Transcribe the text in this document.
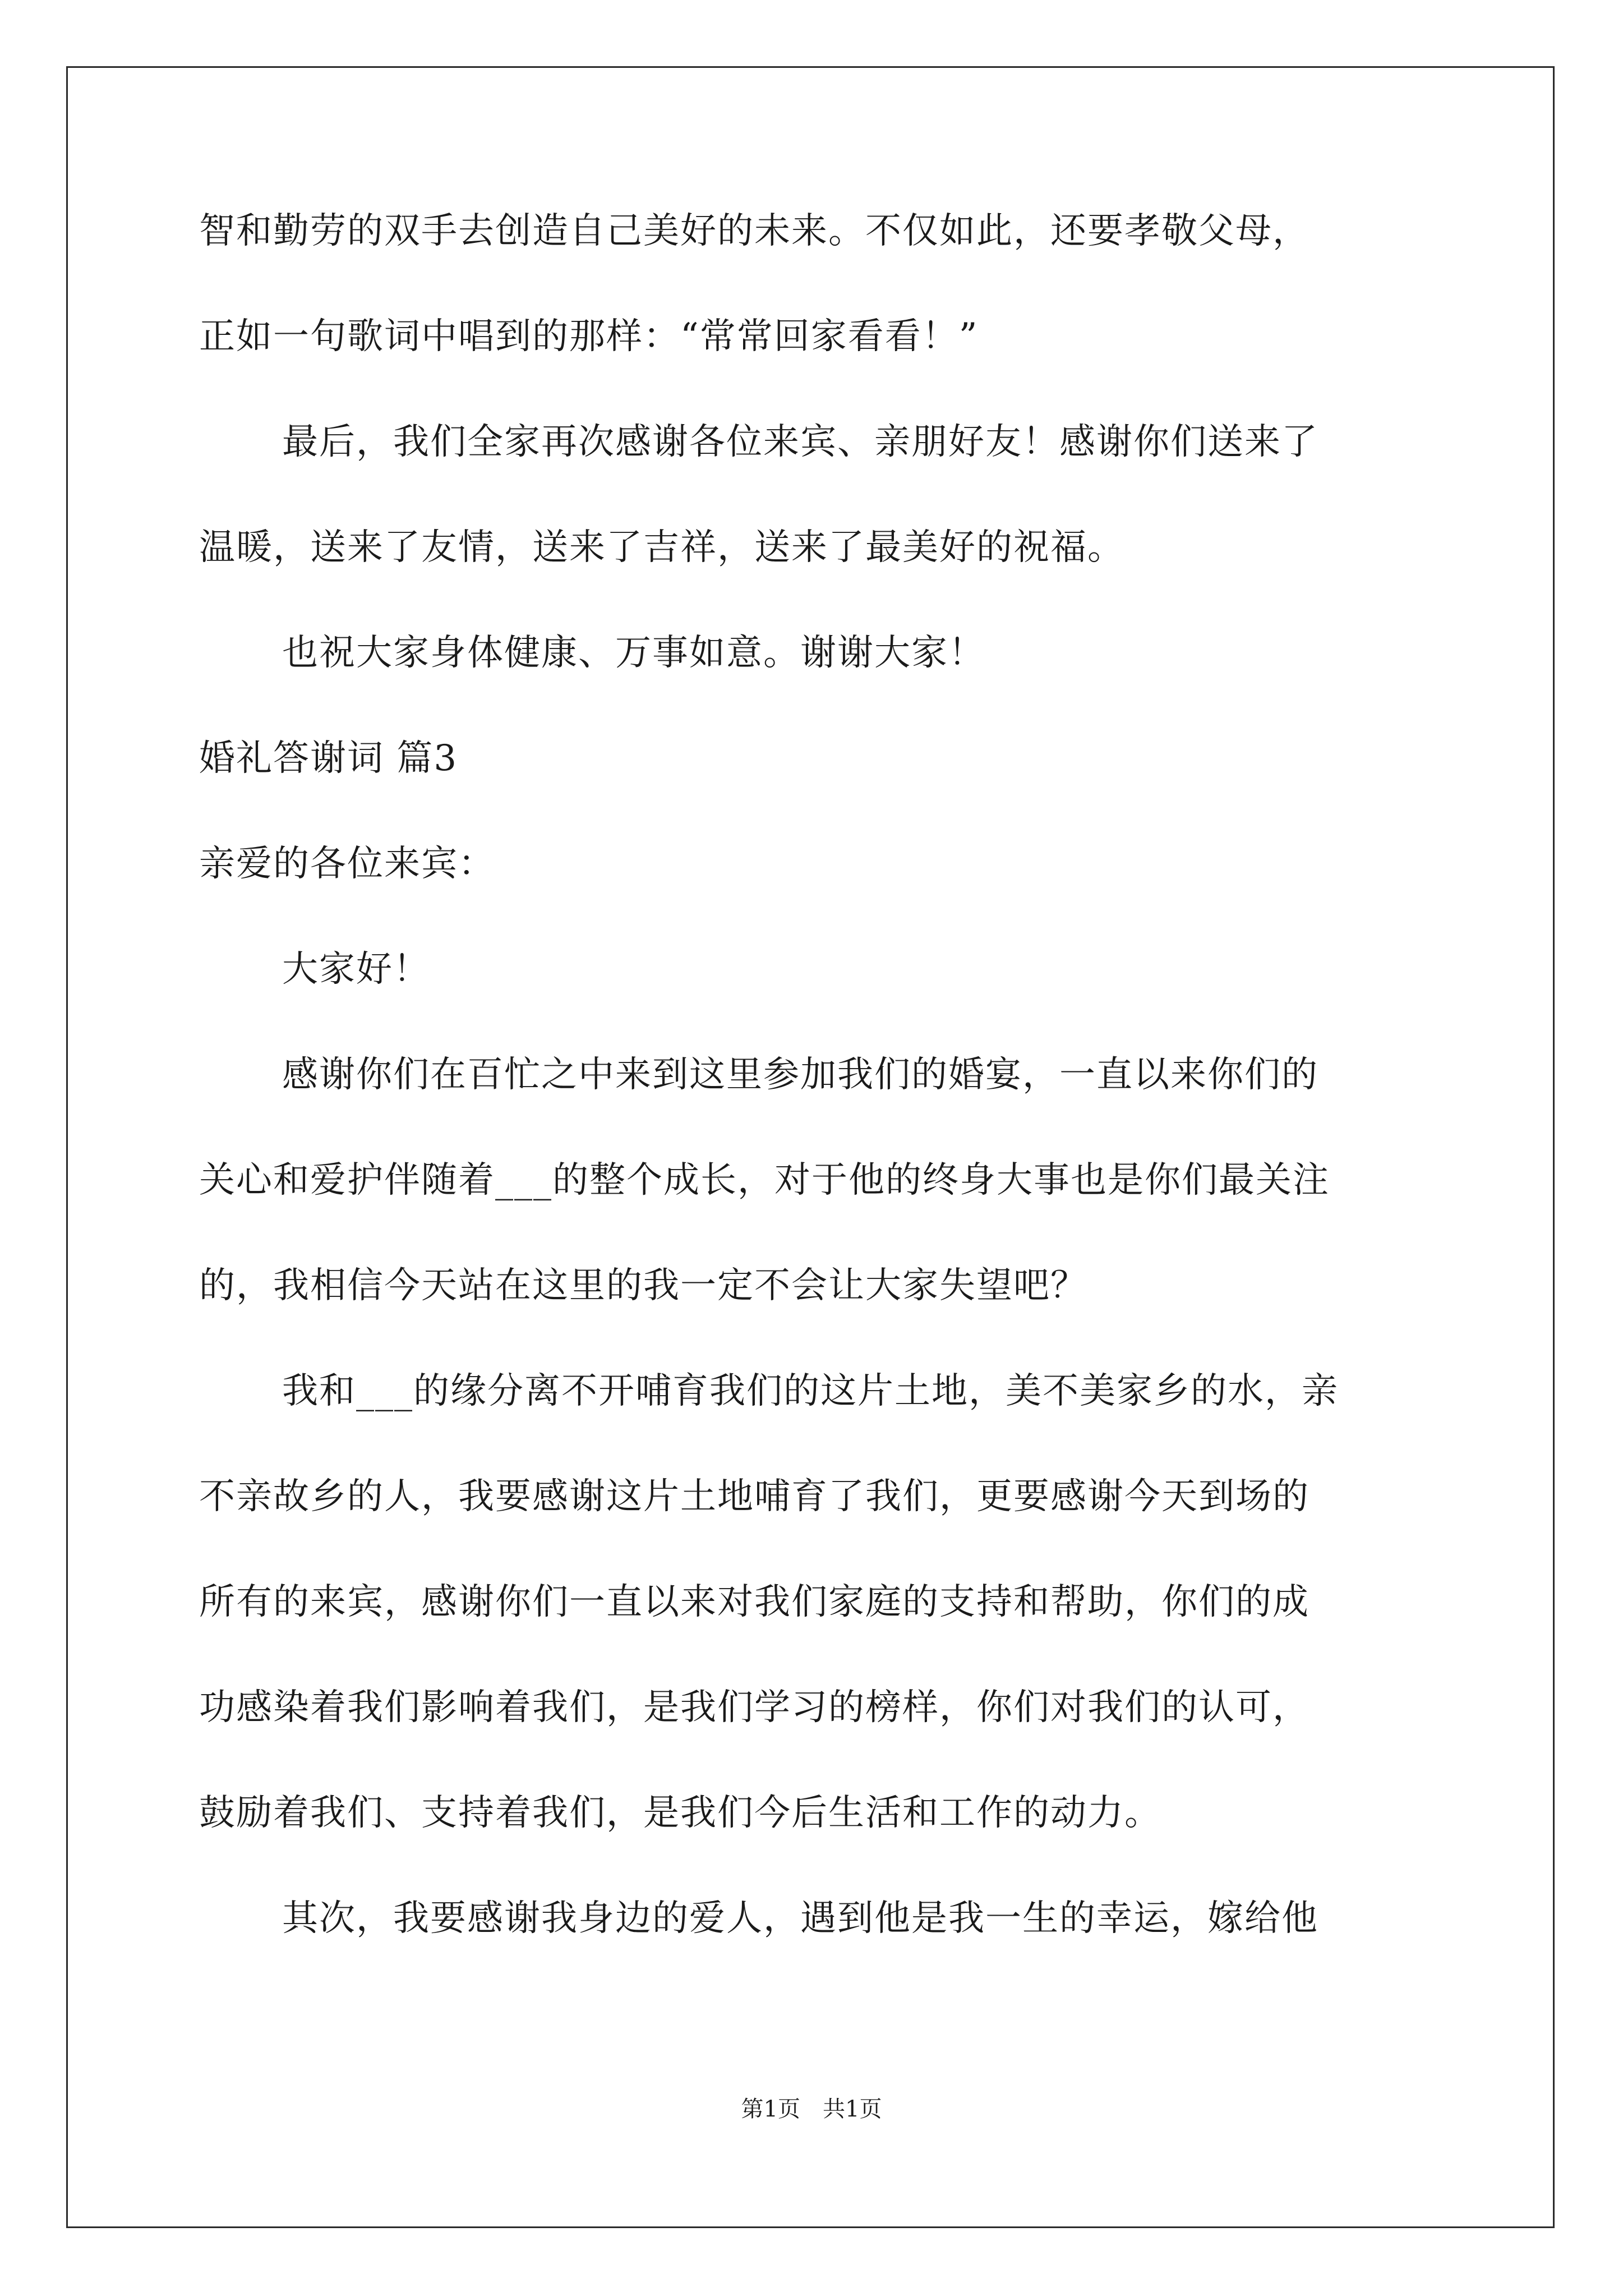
智和勤劳的双手去创造自己美好的未来。不仅如此，还要孝敬父母，
正如一句歌词中唱到的那样：“常常回家看看！”
最后，我们全家再次感谢各位来宾、亲朋好友！感谢你们送来了
温暖，送来了友情，送来了吉祥，送来了最美好的祝福。
也祝大家身体健康、万事如意。谢谢大家！
婚礼答谢词 篇3
亲爱的各位来宾：
大家好！
感谢你们在百忙之中来到这里参加我们的婚宴，一直以来你们的
关心和爱护伴随着___的整个成长，对于他的终身大事也是你们最关注
的，我相信今天站在这里的我一定不会让大家失望吧？
我和___的缘分离不开哺育我们的这片土地，美不美家乡的水，亲
不亲故乡的人，我要感谢这片土地哺育了我们，更要感谢今天到场的
所有的来宾，感谢你们一直以来对我们家庭的支持和帮助，你们的成
功感染着我们影响着我们，是我们学习的榜样，你们对我们的认可，
鼓励着我们、支持着我们，是我们今后生活和工作的动力。
其次，我要感谢我身边的爱人，遇到他是我一生的幸运，嫁给他
第1页　共1页
